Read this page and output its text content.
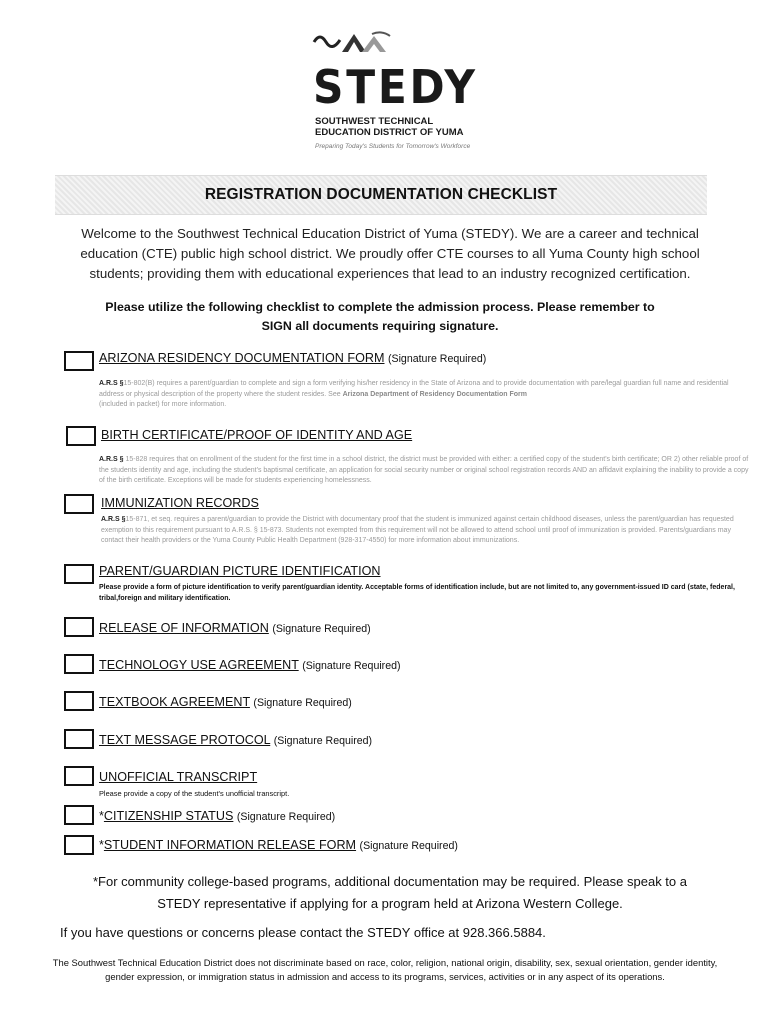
STEDY
SOUTHWEST TECHNICAL
EDUCATION DISTRICT OF YUMA
Preparing Today's Students for Tomorrow's Workforce
REGISTRATION DOCUMENTATION CHECKLIST
Welcome to the Southwest Technical Education District of Yuma (STEDY). We are a career and technical education (CTE) public high school district. We proudly offer CTE courses to all Yuma County high school students; providing them with educational experiences that lead to an industry recognized certification.
Please utilize the following checklist to complete the admission process. Please remember to
SIGN all documents requiring signature.
ARIZONA RESIDENCY DOCUMENTATION FORM (Signature Required)
A.R.S §15-802(B) requires a parent/guardian to complete and sign a form verifying his/her residency in the State of Arizona and to provide documentation with pare/legal guardian full name and residential address or physical description of the property where the student resides. See Arizona Department of Residency Documentation Form
(included in packet) for more information.
BIRTH CERTIFICATE/PROOF OF IDENTITY AND AGE
A.R.S § 15-828 requires that on enrollment of the student for the first time in a school district, the district must be provided with either: a certified copy of the student's birth certificate; OR 2) other reliable proof of the students identity and age, including the student's baptismal certificate, an application for social security number or original school registration records AND an affidavit explaining the inability to provide a copy of the birth certificate. Exceptions will be made for students experiencing homelessness.
IMMUNIZATION RECORDS
A.R.S §15-871, et seq. requires a parent/guardian to provide the District with documentary proof that the student is immunized against certain childhood diseases, unless the parent/guardian has requested exemption to this requirement pursuant to A.R.S. § 15-873. Students not exempted from this requirement will not be allowed to attend school until proof of immunization is provided. Parents/guardians may contact their health providers or the Yuma County Public Health Department (928-317-4550) for more information about immunizations.
PARENT/GUARDIAN PICTURE IDENTIFICATION
Please provide a form of picture identification to verify parent/guardian identity. Acceptable forms of identification include, but are not limited to, any government-issued ID card (state, federal, tribal,foreign and military identification.
RELEASE OF INFORMATION (Signature Required)
TECHNOLOGY USE AGREEMENT (Signature Required)
TEXTBOOK AGREEMENT (Signature Required)
TEXT MESSAGE PROTOCOL (Signature Required)
UNOFFICIAL TRANSCRIPT
Please provide a copy of the student's unofficial transcript.
*CITIZENSHIP STATUS (Signature Required)
*STUDENT INFORMATION RELEASE FORM (Signature Required)
*For community college-based programs, additional documentation may be required. Please speak to a
STEDY representative if applying for a program held at Arizona Western College.
If you have questions or concerns please contact the STEDY office at 928.366.5884.
The Southwest Technical Education District does not discriminate based on race, color, religion, national origin, disability, sex, sexual orientation, gender identity, gender expression, or immigration status in admission and access to its programs, services, activities or in any aspect of its operations.
